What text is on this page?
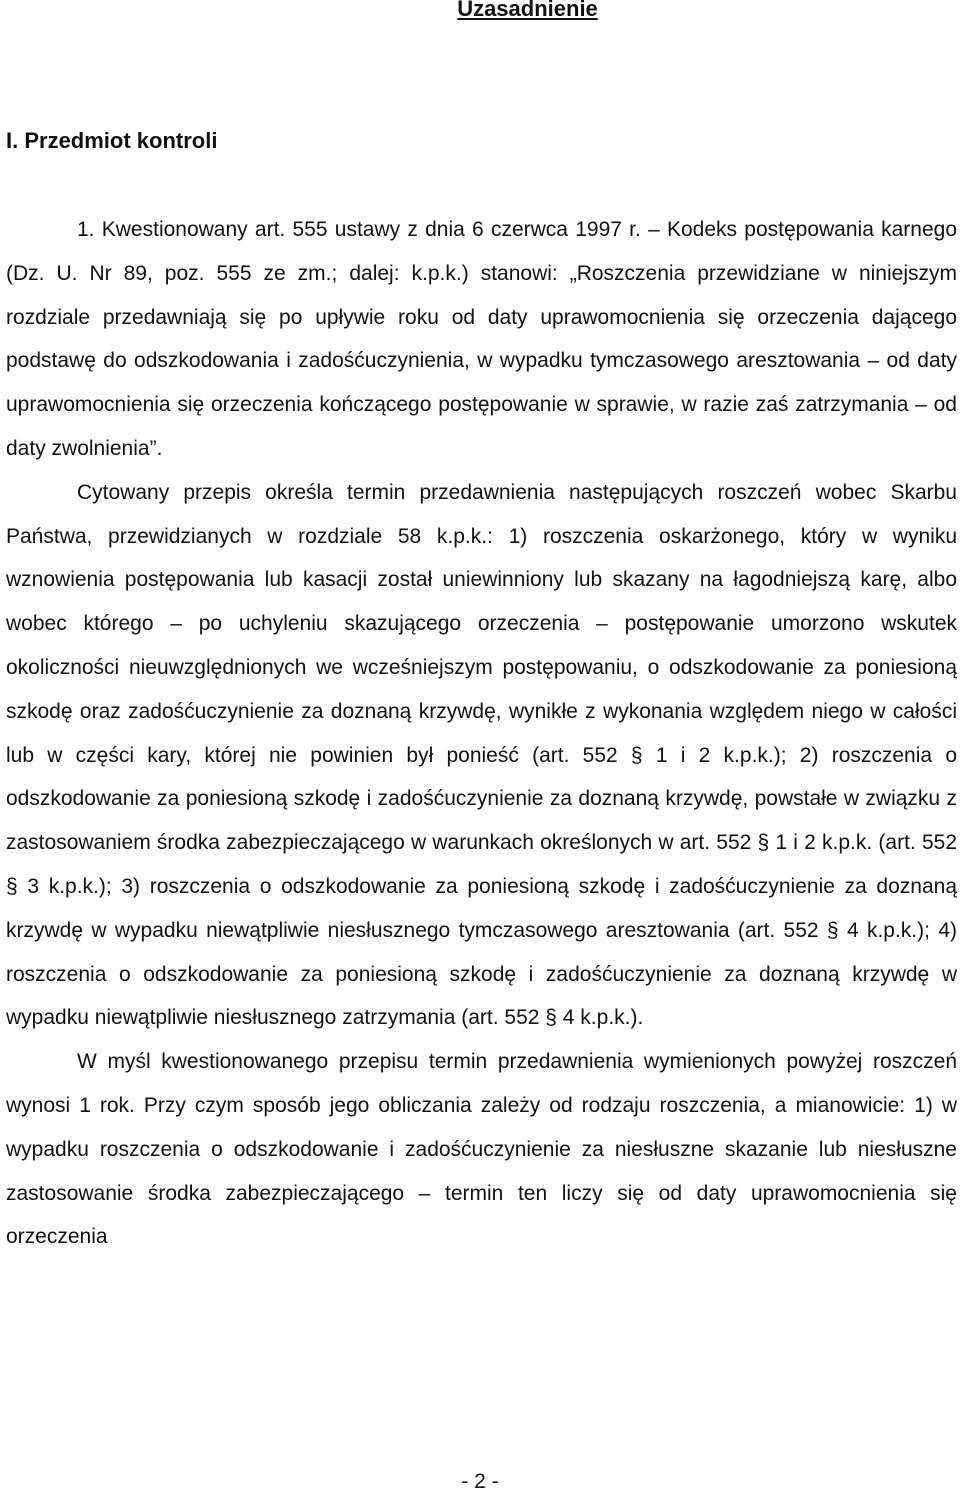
Uzasadnienie
I. Przedmiot kontroli

1. Kwestionowany art. 555 ustawy z dnia 6 czerwca 1997 r. – Kodeks postępowania karnego (Dz. U. Nr 89, poz. 555 ze zm.; dalej: k.p.k.) stanowi: „Roszczenia przewidziane w niniejszym rozdziale przedawniają się po upływie roku od daty uprawomocnienia się orzeczenia dającego podstawę do odszkodowania i zadośćuczynienia, w wypadku tymczasowego aresztowania – od daty uprawomocnienia się orzeczenia kończącego postępowanie w sprawie, w razie zaś zatrzymania – od daty zwolnienia”.

Cytowany przepis określa termin przedawnienia następujących roszczeń wobec Skarbu Państwa, przewidzianych w rozdziale 58 k.p.k.: 1) roszczenia oskarżonego, który w wyniku wznowienia postępowania lub kasacji został uniewinniony lub skazany na łagodniejszą karę, albo wobec którego – po uchyleniu skazującego orzeczenia – postępowanie umorzono wskutek okoliczności nieuwzględnionych we wcześniejszym postępowaniu, o odszkodowanie za poniesioną szkodę oraz zadośćuczynienie za doznaną krzywdę, wynikłe z wykonania względem niego w całości lub w części kary, której nie powinien był ponieść (art. 552 § 1 i 2 k.p.k.); 2) roszczenia o odszkodowanie za poniesioną szkodę i zadośćuczynienie za doznaną krzywdę, powstałe w związku z zastosowaniem środka zabezpieczającego w warunkach określonych w art. 552 § 1 i 2 k.p.k. (art. 552 § 3 k.p.k.); 3) roszczenia o odszkodowanie za poniesioną szkodę i zadośćuczynienie za doznaną krzywdę w wypadku niewątpliwie niesłusznego tymczasowego aresztowania (art. 552 § 4 k.p.k.); 4) roszczenia o odszkodowanie za poniesioną szkodę i zadośćuczynienie za doznaną krzywdę w wypadku niewątpliwie niesłusznego zatrzymania (art. 552 § 4 k.p.k.).

W myśl kwestionowanego przepisu termin przedawnienia wymienionych powyżej roszczeń wynosi 1 rok. Przy czym sposób jego obliczania zależy od rodzaju roszczenia, a mianowicie: 1) w wypadku roszczenia o odszkodowanie i zadośćuczynienie za niesłuszne skazanie lub niesłuszne zastosowanie środka zabezpieczającego – termin ten liczy się od daty uprawomocnienia się orzeczenia

- 2 -
